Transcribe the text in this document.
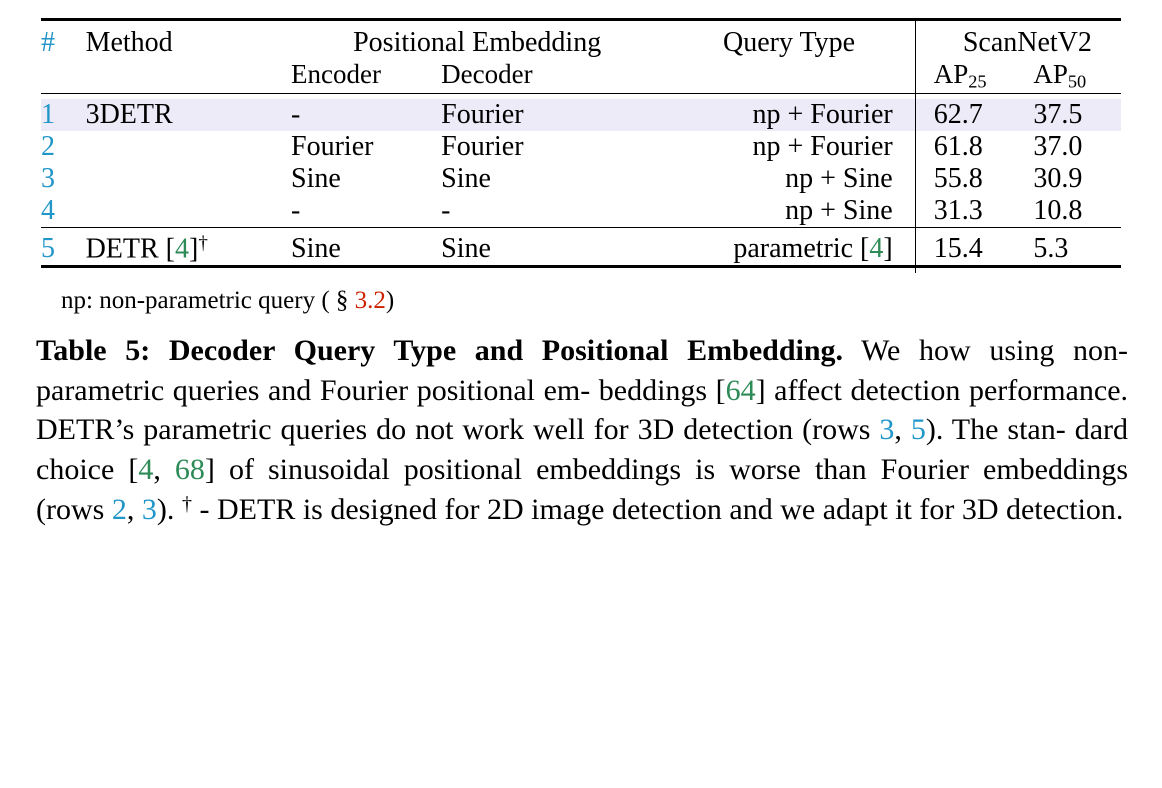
#	Method	Positional Embedding		Query Type	ScanNetV2	
		Encoder	Decoder		$AP_{25}$	$AP_{50}$

1	3DETR	-	Fourier	np + Fourier	62.7	37.5
2		Fourier	Fourier	np + Fourier	61.8	37.0
3		Sine	Sine	np + Sine	55.8	30.9
4		-	-	np + Sine	31.3	10.8

5	DETR [4]†	Sine	Sine	parametric [4]	15.4	5.3

np: non-parametric query ( § 3.2)
Table 5: Decoder Query Type and Positional Embedding. We how using non-parametric queries and Fourier positional em- beddings [64] affect detection performance. DETR’s parametric queries do not work well for 3D detection (rows 3, 5). The stan- dard choice [4, 68] of sinusoidal positional embeddings is worse than Fourier embeddings (rows 2, 3). † - DETR is designed for 2D image detection and we adapt it for 3D detection.
